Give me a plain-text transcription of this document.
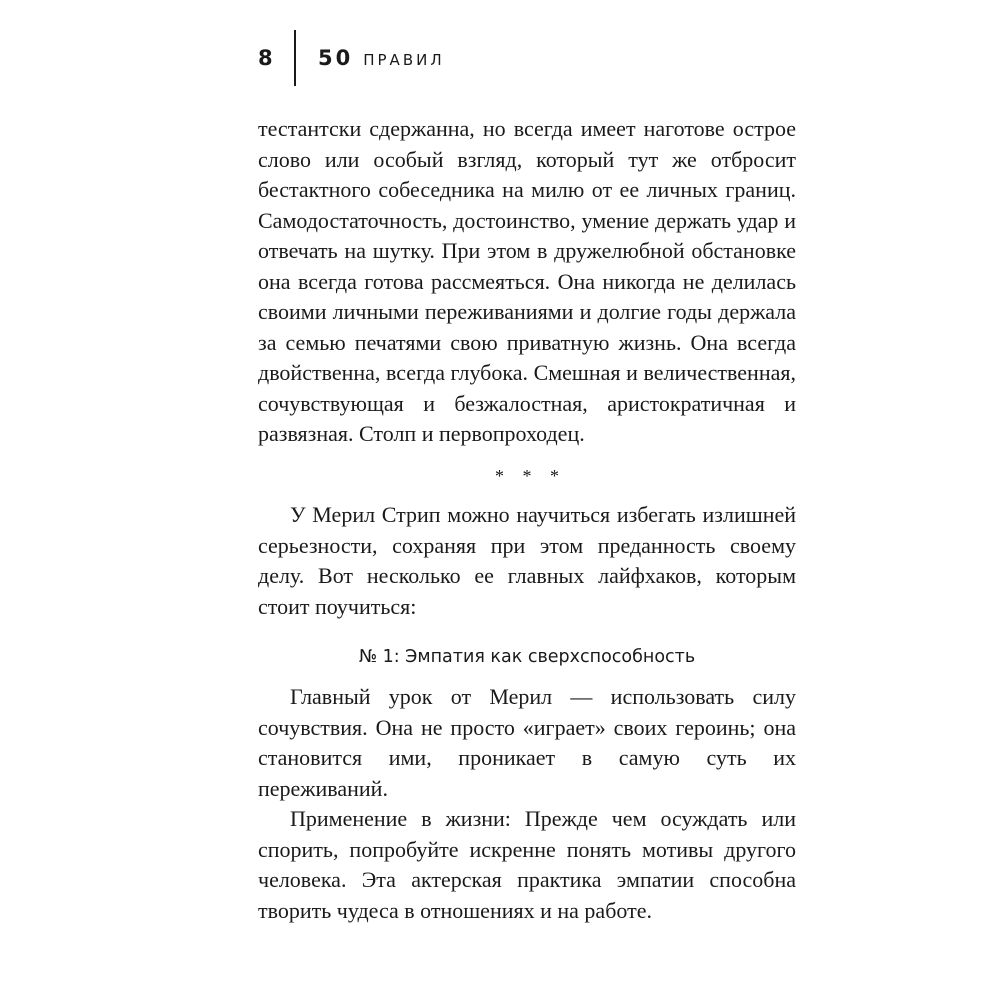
8	50 ПРАВИЛ

тестантски сдержанна, но всегда имеет наготове острое слово или особый взгляд, который тут же отбросит бестактного собеседника на милю от ее личных границ. Самодостаточность, достоинство, умение держать удар и отвечать на шутку. При этом в дружелюбной обстановке она всегда готова рассмеяться. Она никогда не делилась своими личными переживаниями и долгие годы держала за семью печатями свою приватную жизнь. Она всегда двойственна, всегда глубока. Смешная и величественная, сочувствующая и безжалостная, аристократичная и развязная. Столп и первопроходец.

* * *

У Мерил Стрип можно научиться избегать излишней серьезности, сохраняя при этом преданность своему делу. Вот несколько ее главных лайфхаков, которым стоит поучиться:

№ 1: Эмпатия как сверхспособность

Главный урок от Мерил — использовать силу сочувствия. Она не просто «играет» своих героинь; она становится ими, проникает в самую суть их переживаний.

Применение в жизни: Прежде чем осуждать или спорить, попробуйте искренне понять мотивы другого человека. Эта актерская практика эмпатии способна творить чудеса в отношениях и на работе.
